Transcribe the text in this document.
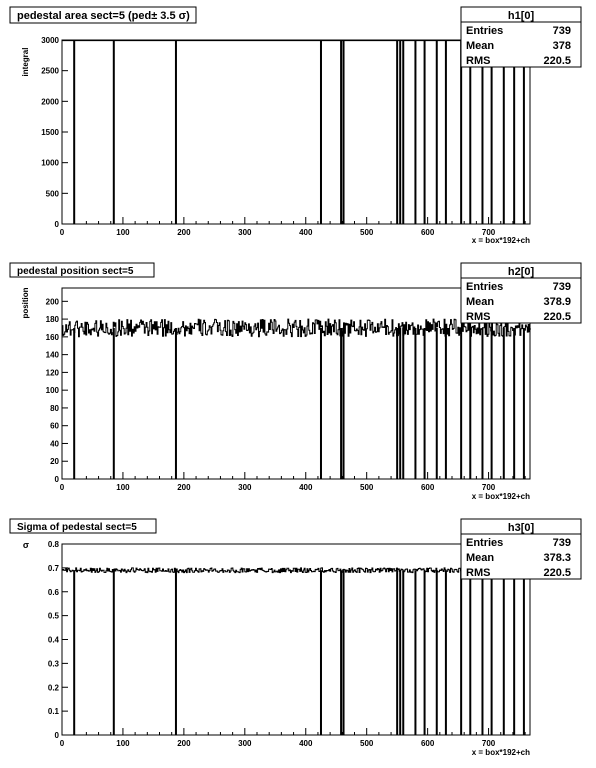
pedestal area sect=5 (ped± 3.5 σ)
integral
x = box*192+ch
0
500
1000
1500
2000
2500
3000
0	100	200	300	400	500	600	700
h1[0]
Entries	739
Mean	378
RMS	220.5
pedestal position sect=5
position
x = box*192+ch
0
20
40
60
80
100
120
140
160
180
200
0	100	200	300	400	500	600	700
h2[0]
Entries	739
Mean	378.9
RMS	220.5
Sigma of pedestal sect=5
σ
x = box*192+ch
0
0.1
0.2
0.3
0.4
0.5
0.6
0.7
0.8
0	100	200	300	400	500	600	700
h3[0]
Entries	739
Mean	378.3
RMS	220.5
